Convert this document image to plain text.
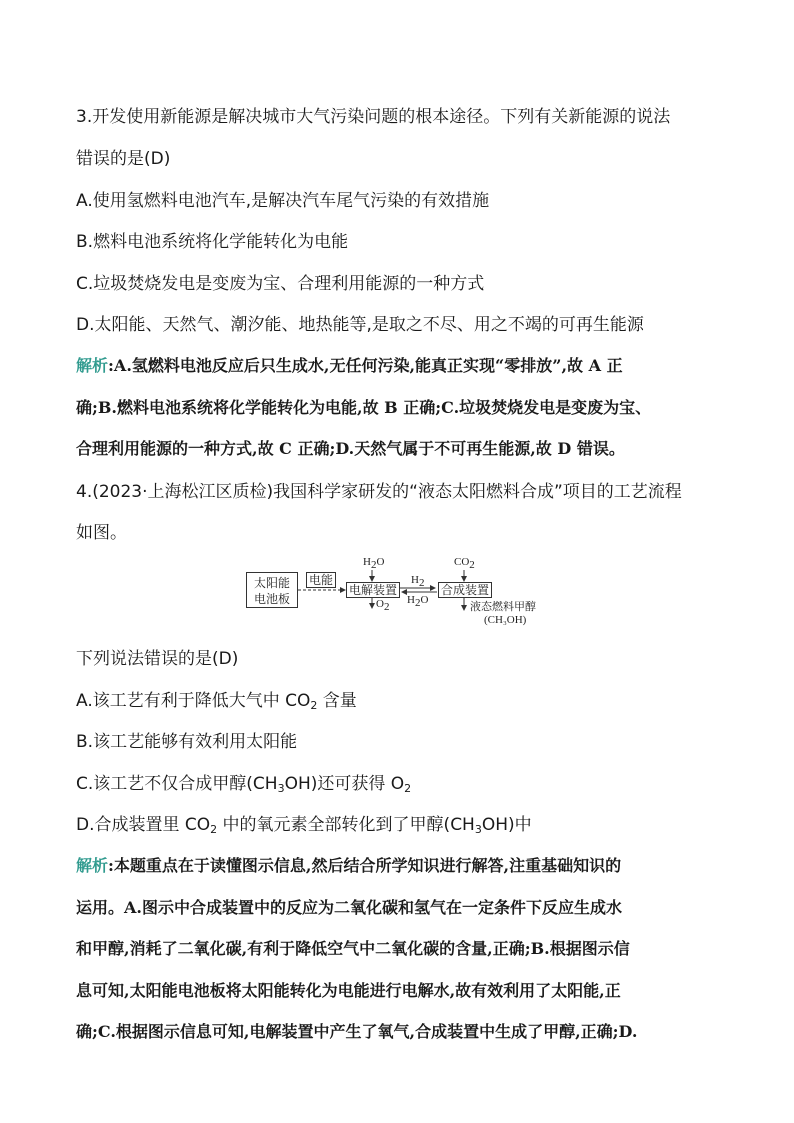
3.开发使用新能源是解决城市大气污染问题的根本途径。下列有关新能源的说法
错误的是(D)
A.使用氢燃料电池汽车,是解决汽车尾气污染的有效措施
B.燃料电池系统将化学能转化为电能
C.垃圾焚烧发电是变废为宝、合理利用能源的一种方式
D.太阳能、天然气、潮汐能、地热能等,是取之不尽、用之不竭的可再生能源
解析:A.氢燃料电池反应后只生成水,无任何污染,能真正实现“零排放”,故 A 正
确;B.燃料电池系统将化学能转化为电能,故 B 正确;C.垃圾焚烧发电是变废为宝、
合理利用能源的一种方式,故 C 正确;D.天然气属于不可再生能源,故 D 错误。
4.(2023·上海松江区质检)我国科学家研发的“液态太阳燃料合成”项目的工艺流程
如图。
太阳能
电池板
电能
$H_2O$
电解装置
$O_2$
$H_2$
$H_2O$
$CO_2$
合成装置
液态燃料甲醇
(CH₃OH)
下列说法错误的是(D)
A.该工艺有利于降低大气中 $CO_2$ 含量
B.该工艺能够有效利用太阳能
C.该工艺不仅合成甲醇$(CH_3OH)$还可获得 $O_2$
D.合成装置里 $CO_2$ 中的氧元素全部转化到了甲醇$(CH_3OH)$中
解析:本题重点在于读懂图示信息,然后结合所学知识进行解答,注重基础知识的
运用。A.图示中合成装置中的反应为二氧化碳和氢气在一定条件下反应生成水
和甲醇,消耗了二氧化碳,有利于降低空气中二氧化碳的含量,正确;B.根据图示信
息可知,太阳能电池板将太阳能转化为电能进行电解水,故有效利用了太阳能,正
确;C.根据图示信息可知,电解装置中产生了氧气,合成装置中生成了甲醇,正确;D.
